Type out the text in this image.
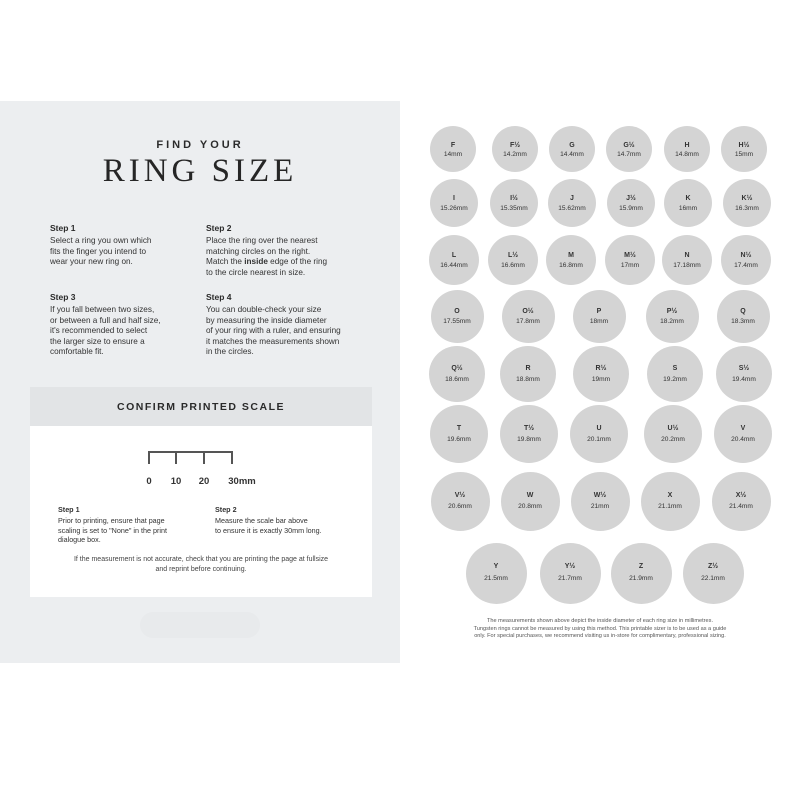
FIND YOUR
RING SIZE
Step 1
Select a ring you own which
fits the finger you intend to
wear your new ring on.
Step 2
Place the ring over the nearest
matching circles on the right.
Match the inside edge of the ring
to the circle nearest in size.
Step 3
If you fall between two sizes,
or between a full and half size,
it's recommended to select
the larger size to ensure a
comfortable fit.
Step 4
You can double-check your size
by measuring the inside diameter
of your ring with a ruler, and ensuring
it matches the measurements shown
in the circles.
CONFIRM PRINTED SCALE
0 10 20 30mm
Step 1
Prior to printing, ensure that page
scaling is set to "None" in the print
dialogue box.
Step 2
Measure the scale bar above
to ensure it is exactly 30mm long.
If the measurement is not accurate, check that you are printing the page at fullsize
and reprint before continuing.
F
14mm
F½
14.2mm
G
14.4mm
G½
14.7mm
H
14.8mm
H½
15mm
I
15.26mm
I½
15.35mm
J
15.62mm
J½
15.9mm
K
16mm
K½
16.3mm
L
16.44mm
L½
16.6mm
M
16.8mm
M½
17mm
N
17.18mm
N½
17.4mm
O
17.55mm
O½
17.8mm
P
18mm
P½
18.2mm
Q
18.3mm
Q½
18.6mm
R
18.8mm
R½
19mm
S
19.2mm
S½
19.4mm
T
19.6mm
T½
19.8mm
U
20.1mm
U½
20.2mm
V
20.4mm
V½
20.6mm
W
20.8mm
W½
21mm
X
21.1mm
X½
21.4mm
Y
21.5mm
Y½
21.7mm
Z
21.9mm
Z½
22.1mm
The measurements shown above depict the inside diameter of each ring size in millimetres.
Tungsten rings cannot be measured by using this method. This printable sizer is to be used as a guide
only. For special purchases, we recommend visiting us in-store for complimentary, professional sizing.
